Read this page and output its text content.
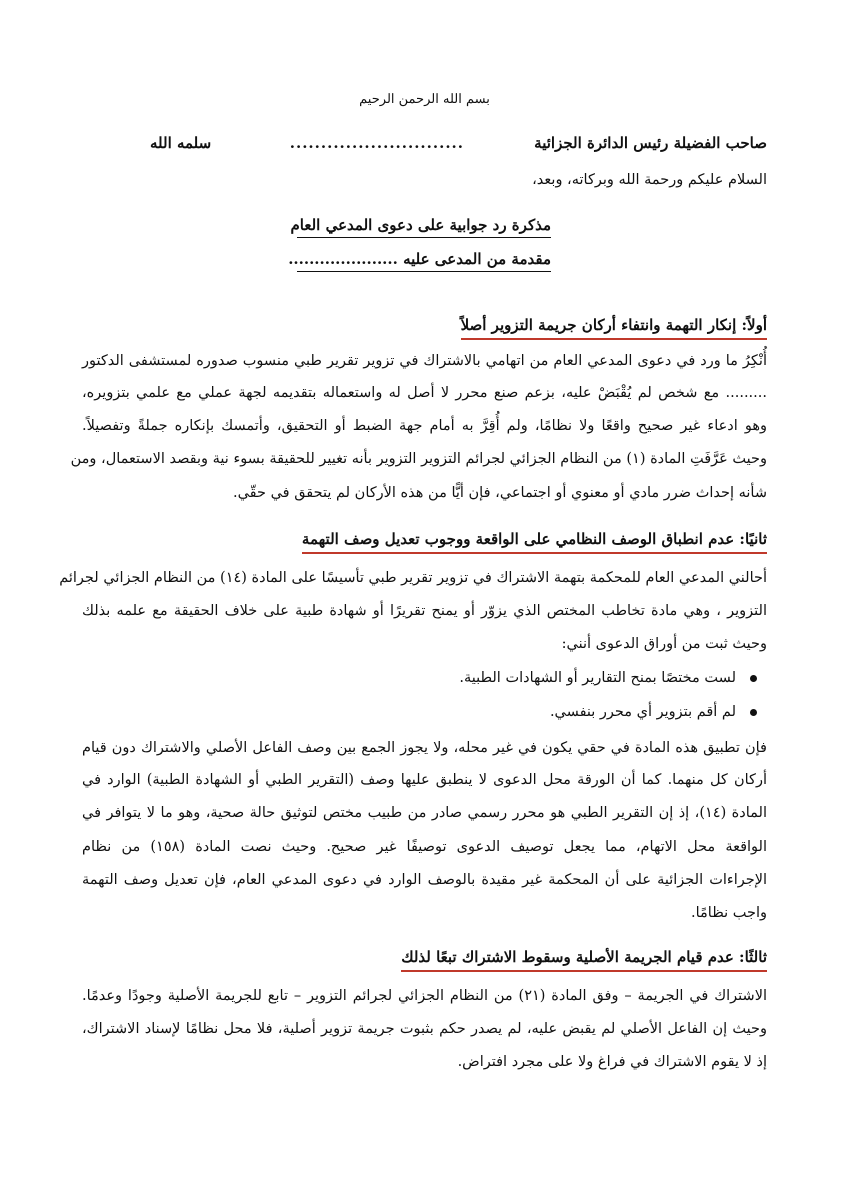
بسم الله الرحمن الرحيم
صاحب الفضيلة رئيس الدائرة الجزائية
............................
سلمه الله
السلام عليكم ورحمة الله وبركاته، وبعد،
مذكرة رد جوابية على دعوى المدعي العام
مقدمة من المدعى عليه .....................
أولاً: إنكار التهمة وانتفاء أركان جريمة التزوير أصلاً
أُنْكِرُ ما ورد في دعوى المدعي العام من اتهامي بالاشتراك في تزوير تقرير طبي منسوب صدوره لمستشفى الدكتور
......... مع شخص لم يُقْبَضْ عليه، بزعم صنع محرر لا أصل له واستعماله بتقديمه لجهة عملي مع علمي بتزويره،
وهو ادعاء غير صحيح واقعًا ولا نظامًا، ولم أُقِرَّ به أمام جهة الضبط أو التحقيق، وأتمسك بإنكاره جملةً وتفصيلاً.
وحيث عَرَّفَتِ المادة (١) من النظام الجزائي لجرائم التزوير التزوير بأنه تغيير للحقيقة بسوء نية وبقصد الاستعمال، ومن
شأنه إحداث ضرر مادي أو معنوي أو اجتماعي، فإن أيًّا من هذه الأركان لم يتحقق في حقّي.
ثانيًا: عدم انطباق الوصف النظامي على الواقعة ووجوب تعديل وصف التهمة
أحالني المدعي العام للمحكمة بتهمة الاشتراك في تزوير تقرير طبي تأسيسًا على المادة (١٤) من النظام الجزائي لجرائم
التزوير ، وهي مادة تخاطب المختص الذي يزوّر أو يمنح تقريرًا أو شهادة طبية على خلاف الحقيقة مع علمه بذلك
وحيث ثبت من أوراق الدعوى أنني:
لست مختصًا بمنح التقارير أو الشهادات الطبية.
لم أقم بتزوير أي محرر بنفسي.
فإن تطبيق هذه المادة في حقي يكون في غير محله، ولا يجوز الجمع بين وصف الفاعل الأصلي والاشتراك دون قيام
أركان كل منهما. كما أن الورقة محل الدعوى لا ينطبق عليها وصف (التقرير الطبي أو الشهادة الطبية) الوارد في
المادة (١٤)، إذ إن التقرير الطبي هو محرر رسمي صادر من طبيب مختص لتوثيق حالة صحية، وهو ما لا يتوافر في
الواقعة محل الاتهام، مما يجعل توصيف الدعوى توصيفًا غير صحيح. وحيث نصت المادة (١٥٨) من نظام
الإجراءات الجزائية على أن المحكمة غير مقيدة بالوصف الوارد في دعوى المدعي العام، فإن تعديل وصف التهمة
واجب نظامًا.
ثالثًا: عدم قيام الجريمة الأصلية وسقوط الاشتراك تبعًا لذلك
الاشتراك في الجريمة – وفق المادة (٢١) من النظام الجزائي لجرائم التزوير – تابع للجريمة الأصلية وجودًا وعدمًا.
وحيث إن الفاعل الأصلي لم يقبض عليه، لم يصدر حكم بثبوت جريمة تزوير أصلية، فلا محل نظامًا لإسناد الاشتراك،
إذ لا يقوم الاشتراك في فراغ ولا على مجرد افتراض.
